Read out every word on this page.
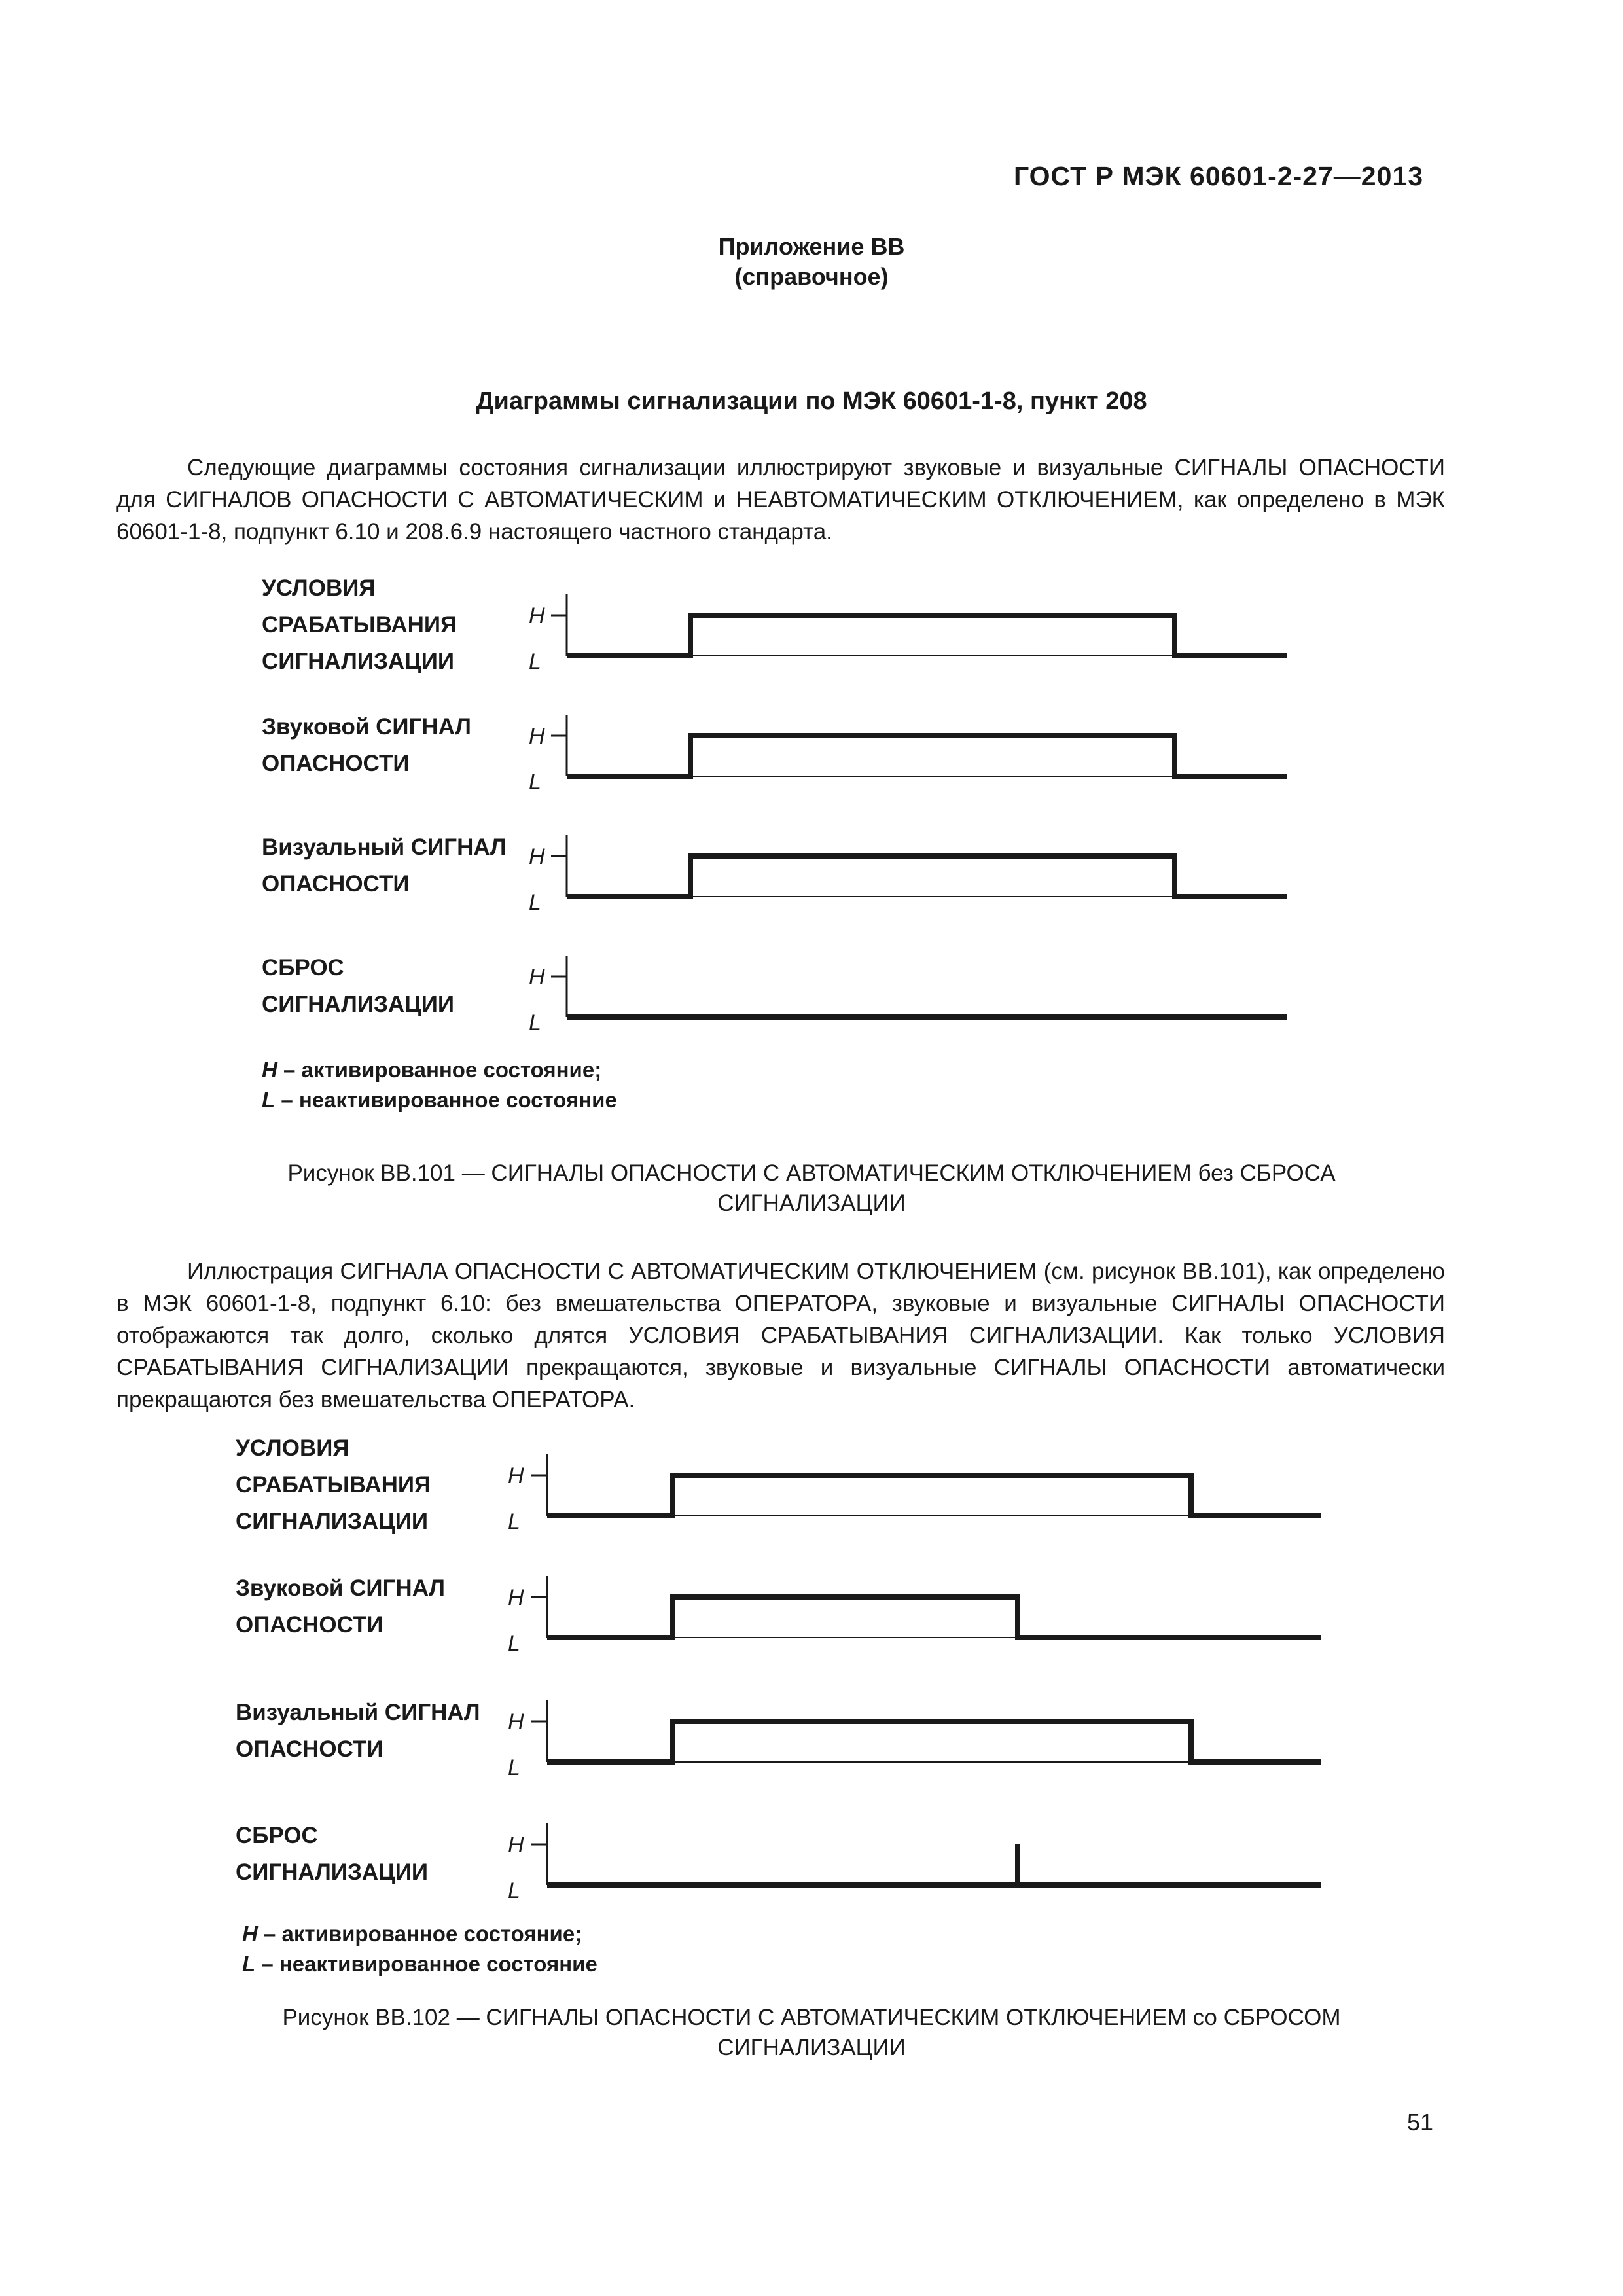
ГОСТ Р МЭК 60601-2-27—2013
Приложение ВВ
(справочное)
Диаграммы сигнализации по МЭК 60601-1-8, пункт 208

Следующие диаграммы состояния сигнализации иллюстрируют звуковые и визуальные СИГНАЛЫ ОПАСНОСТИ для СИГНАЛОВ ОПАСНОСТИ С АВТОМАТИЧЕСКИМ и НЕАВТОМАТИЧЕСКИМ ОТКЛЮЧЕНИЕМ, как определено в МЭК 60601-1-8, подпункт 6.10 и 208.6.9 настоящего частного стандарта.

УСЛОВИЯ
СРАБАТЫВАНИЯ
СИГНАЛИЗАЦИИ
H
L
Звуковой СИГНАЛ
ОПАСНОСТИ
H
L
Визуальный СИГНАЛ
ОПАСНОСТИ
H
L
СБРОС
СИГНАЛИЗАЦИИ
H
L
H – активированное состояние;
L – неактивированное состояние
Рисунок ВВ.101 — СИГНАЛЫ ОПАСНОСТИ С АВТОМАТИЧЕСКИМ ОТКЛЮЧЕНИЕМ без СБРОСА
СИГНАЛИЗАЦИИ

Иллюстрация СИГНАЛА ОПАСНОСТИ С АВТОМАТИЧЕСКИМ ОТКЛЮЧЕНИЕМ (см. рисунок ВВ.101), как определено в МЭК 60601-1-8, подпункт 6.10: без вмешательства ОПЕРАТОРА, звуковые и визуальные СИГНАЛЫ ОПАСНОСТИ отображаются так долго, сколько длятся УСЛОВИЯ СРАБАТЫВАНИЯ СИГНАЛИЗАЦИИ. Как только УСЛОВИЯ СРАБАТЫВАНИЯ СИГНАЛИЗАЦИИ прекращаются, звуковые и визуальные СИГНАЛЫ ОПАСНОСТИ автоматически прекращаются без вмешательства ОПЕРАТОРА.

УСЛОВИЯ
СРАБАТЫВАНИЯ
СИГНАЛИЗАЦИИ
H
L
Звуковой СИГНАЛ
ОПАСНОСТИ
H
L
Визуальный СИГНАЛ
ОПАСНОСТИ
H
L
СБРОС
СИГНАЛИЗАЦИИ
H
L
H – активированное состояние;
L – неактивированное состояние
Рисунок ВВ.102 — СИГНАЛЫ ОПАСНОСТИ С АВТОМАТИЧЕСКИМ ОТКЛЮЧЕНИЕМ со СБРОСОМ
СИГНАЛИЗАЦИИ
51
